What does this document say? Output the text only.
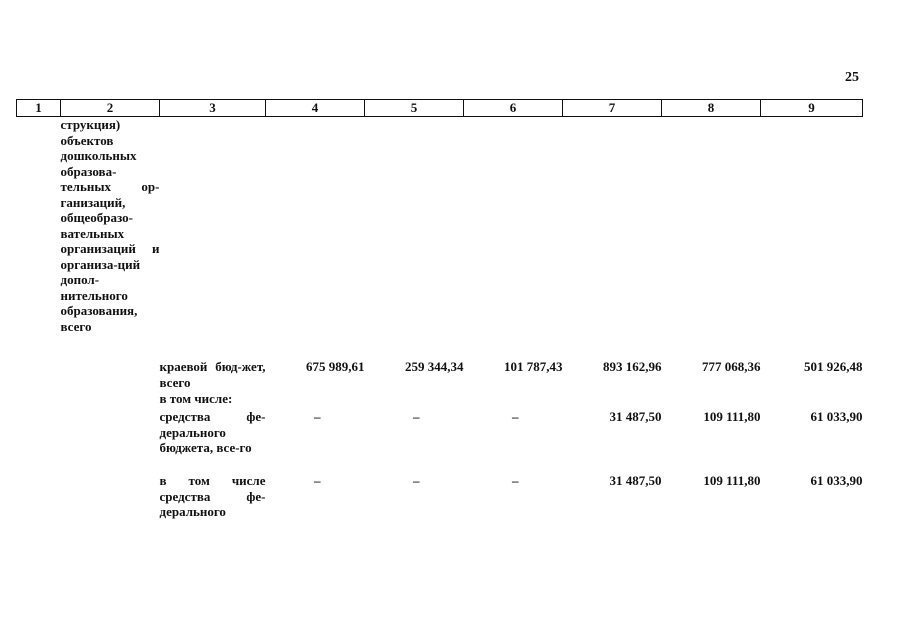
25
1	2	3	4	5	6	7	8	9
	струкция) объектов дошкольных образова-тельных ор-ганизаций, общеобразо-вательных организаций и организа-ций допол-нительного образования, всего							
		краевой бюд-жет, всего	675 989,61	259 344,34	101 787,43	893 162,96	777 068,36	501 926,48
		в том числе:						
		средства фе-дерального бюджета, все-го	–	–	–	31 487,50	109 111,80	61 033,90
		в том числе средства фе-дерального	–	–	–	31 487,50	109 111,80	61 033,90
